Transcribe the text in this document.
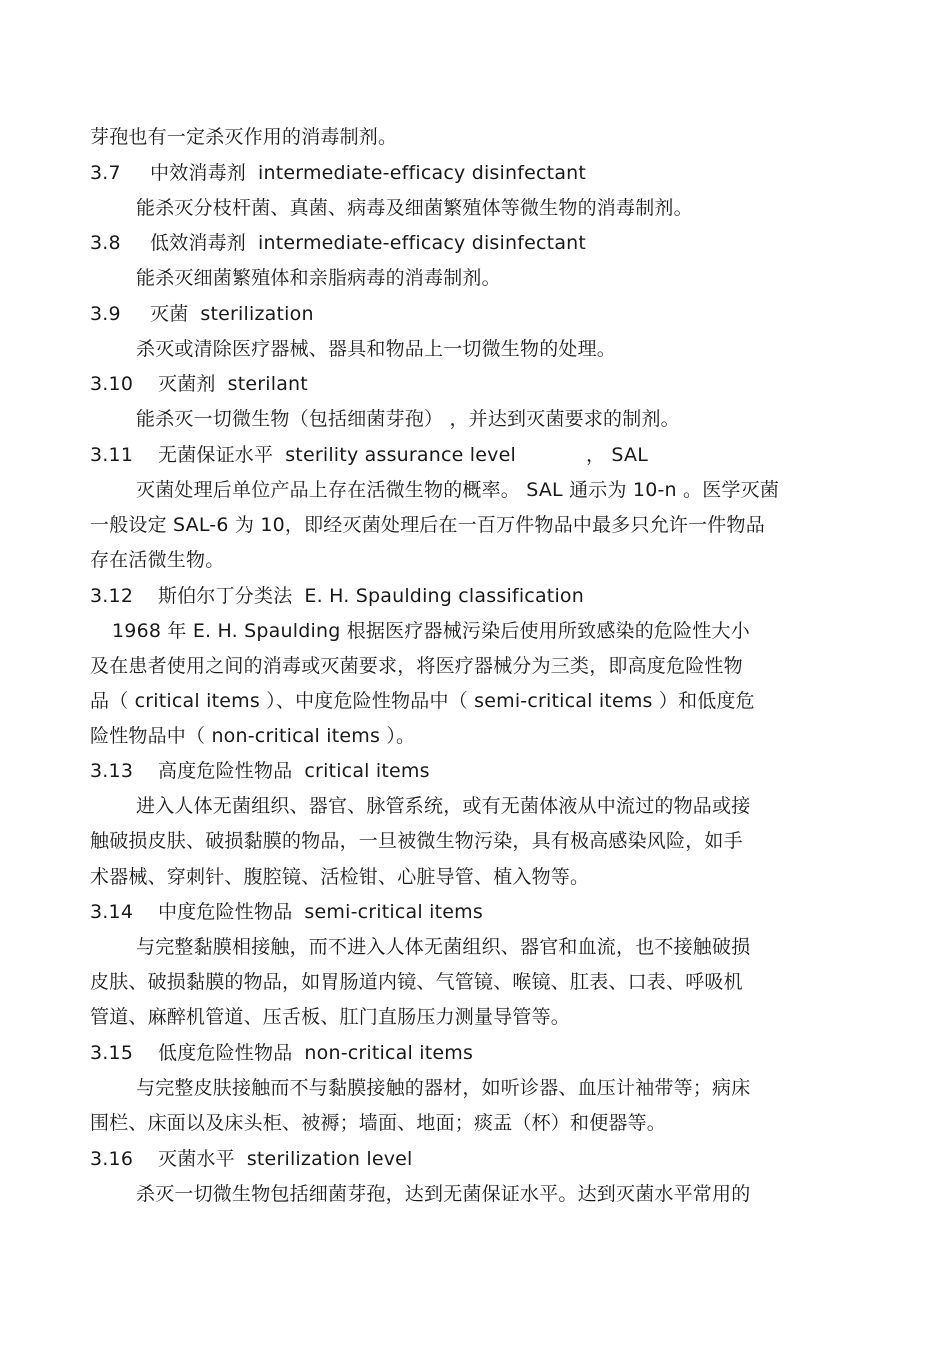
芽孢也有一定杀灭作用的消毒制剂。
3.7 中效消毒剂 intermediate-efficacy disinfectant
能杀灭分枝杆菌、真菌、病毒及细菌繁殖体等微生物的消毒制剂。
3.8 低效消毒剂 intermediate-efficacy disinfectant
能杀灭细菌繁殖体和亲脂病毒的消毒制剂。
3.9 灭菌 sterilization
杀灭或清除医疗器械、器具和物品上一切微生物的处理。
3.10 灭菌剂 sterilant
能杀灭一切微生物（包括细菌芽孢） ，并达到灭菌要求的制剂。
3.11 无菌保证水平 sterility assurance level	， SAL
灭菌处理后单位产品上存在活微生物的概率。 SAL 通示为 10-n 。医学灭菌
一般设定 SAL-6 为 10，即经灭菌处理后在一百万件物品中最多只允许一件物品
存在活微生物。
3.12 斯伯尔丁分类法 E. H. Spaulding classification
1968 年 E. H. Spaulding 根据医疗器械污染后使用所致感染的危险性大小
及在患者使用之间的消毒或灭菌要求，将医疗器械分为三类，即高度危险性物
品（ critical items ）、中度危险性物品中（ semi-critical items ）和低度危
险性物品中（ non-critical items ）。
3.13 高度危险性物品 critical items
进入人体无菌组织、器官、脉管系统，或有无菌体液从中流过的物品或接
触破损皮肤、破损黏膜的物品，一旦被微生物污染，具有极高感染风险，如手
术器械、穿刺针、腹腔镜、活检钳、心脏导管、植入物等。
3.14 中度危险性物品 semi-critical items
与完整黏膜相接触，而不进入人体无菌组织、器官和血流，也不接触破损
皮肤、破损黏膜的物品，如胃肠道内镜、气管镜、喉镜、肛表、口表、呼吸机
管道、麻醉机管道、压舌板、肛门直肠压力测量导管等。
3.15 低度危险性物品 non-critical items
与完整皮肤接触而不与黏膜接触的器材，如听诊器、血压计袖带等；病床
围栏、床面以及床头柜、被褥；墙面、地面；痰盂（杯）和便器等。
3.16 灭菌水平 sterilization level
杀灭一切微生物包括细菌芽孢，达到无菌保证水平。达到灭菌水平常用的
